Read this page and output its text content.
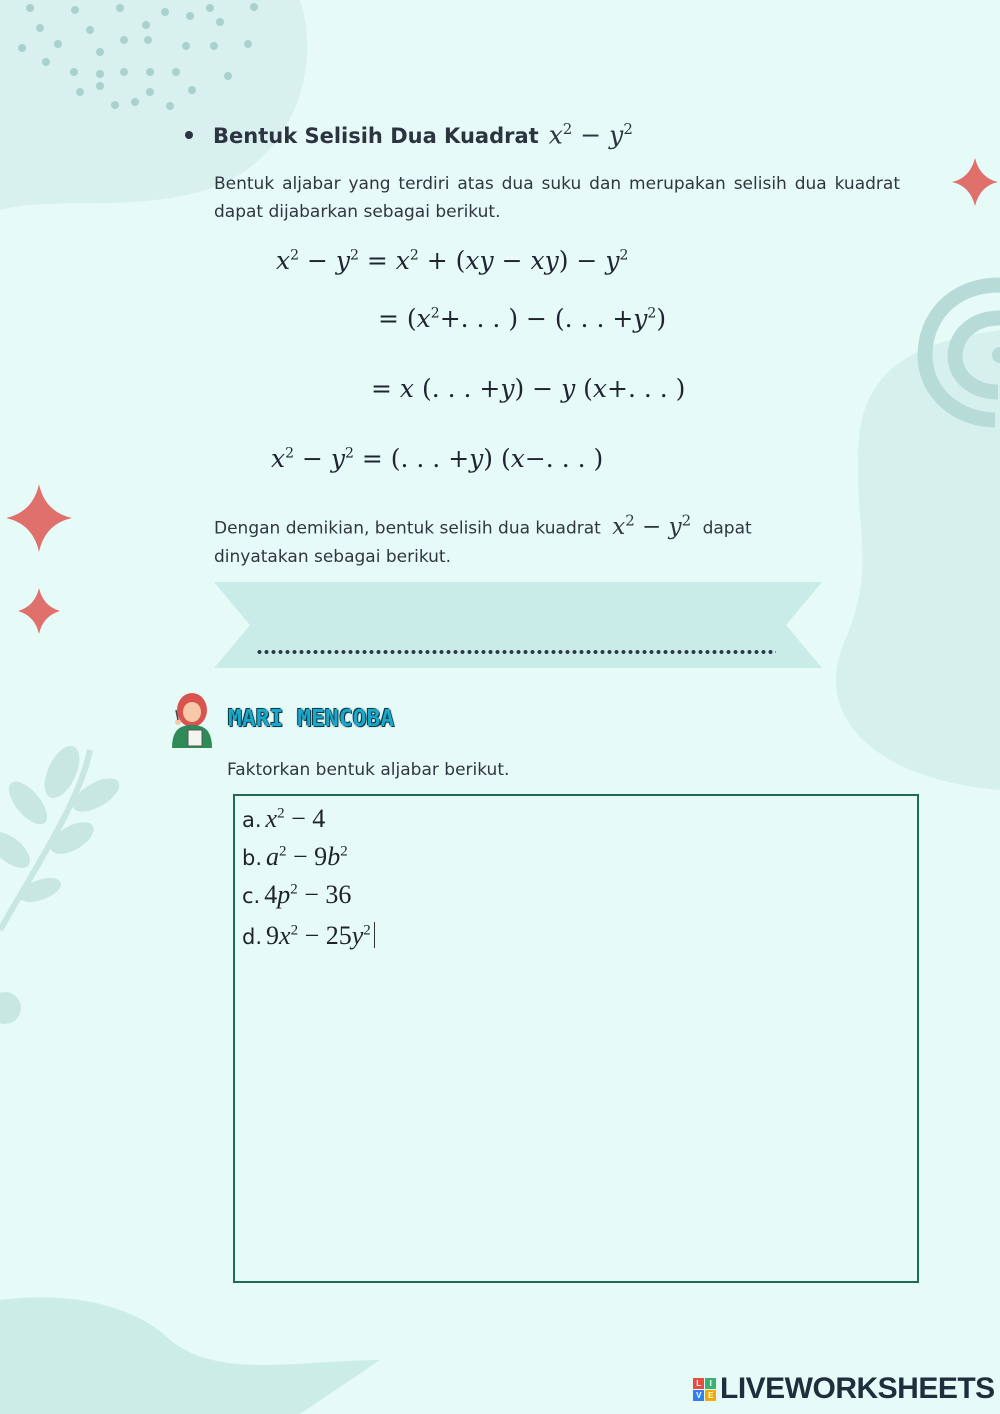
Bentuk Selisih Dua Kuadrat $x^2 - y^2$
Bentuk aljabar yang terdiri atas dua suku dan merupakan selisih dua kuadrat dapat dijabarkan sebagai berikut.
$x^2 - y^2 = x^2 + (xy - xy) - y^2$
= ($x^2+$. . . ) − (. . . $+y^2$)
= x (. . . +y) − y (x+. . . )
$x^2 - y^2$ = (. . . +y) (x−. . . )
Dengan demikian, bentuk selisih dua kuadrat $x^2 - y^2$ dapat
dinyatakan sebagai berikut.
MARI MENCOBA
Faktorkan bentuk aljabar berikut.
a. $x^2 - 4$
b. $a^2 - 9b^2$
c. $4p^2 - 36$
d. $9x^2 - 25y^2$
L	I
V E LIVEWORKSHEETS
